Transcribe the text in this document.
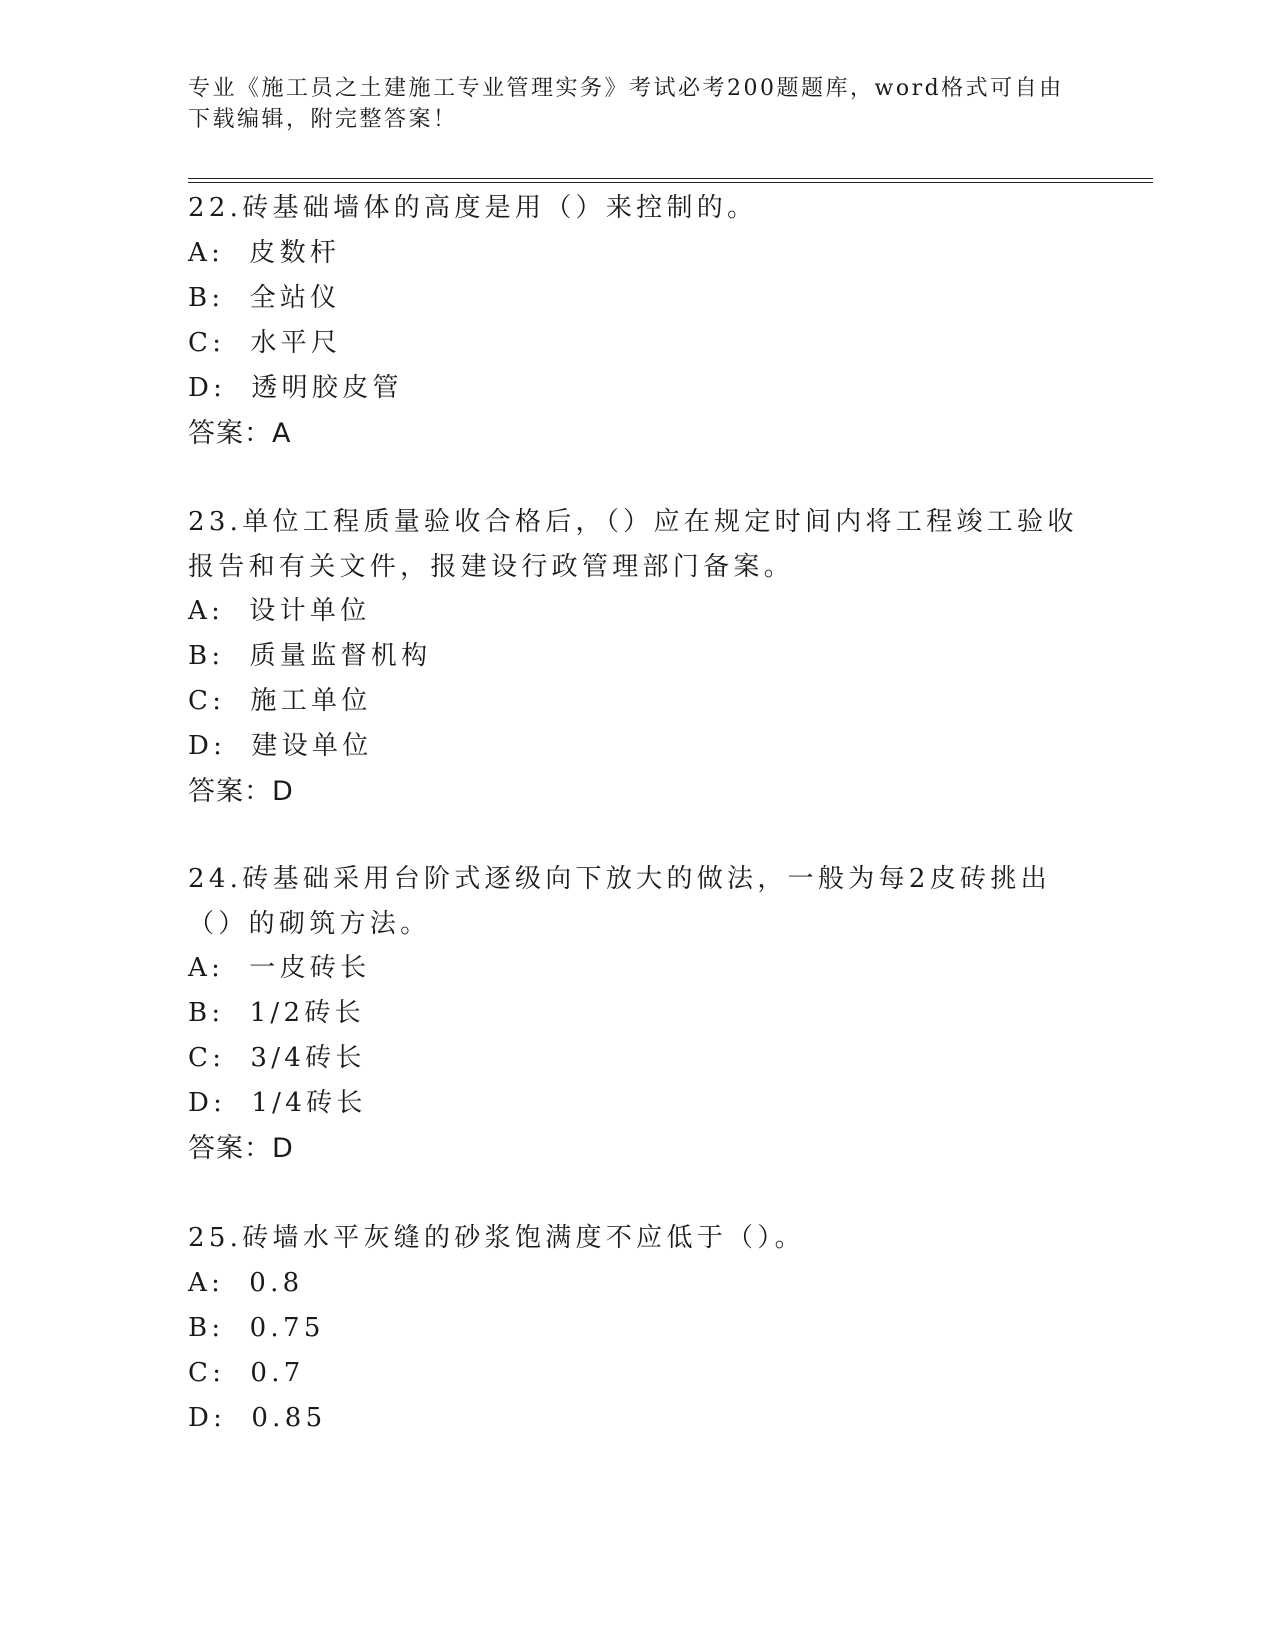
专业《施工员之土建施工专业管理实务》考试必考200题题库，word格式可自由下载编辑，附完整答案！
22.砖基础墙体的高度是用（）来控制的。
A:  皮数杆
B:  全站仪
C:  水平尺
D:  透明胶皮管
答案：A
23.单位工程质量验收合格后，（）应在规定时间内将工程竣工验收报告和有关文件，报建设行政管理部门备案。
A:  设计单位
B:  质量监督机构
C:  施工单位
D:  建设单位
答案：D
24.砖基础采用台阶式逐级向下放大的做法，一般为每2皮砖挑出（）的砌筑方法。
A:  一皮砖长
B:  1/2砖长
C:  3/4砖长
D:  1/4砖长
答案：D
25.砖墙水平灰缝的砂浆饱满度不应低于（）。
A:  0.8
B:  0.75
C:  0.7
D:  0.85
